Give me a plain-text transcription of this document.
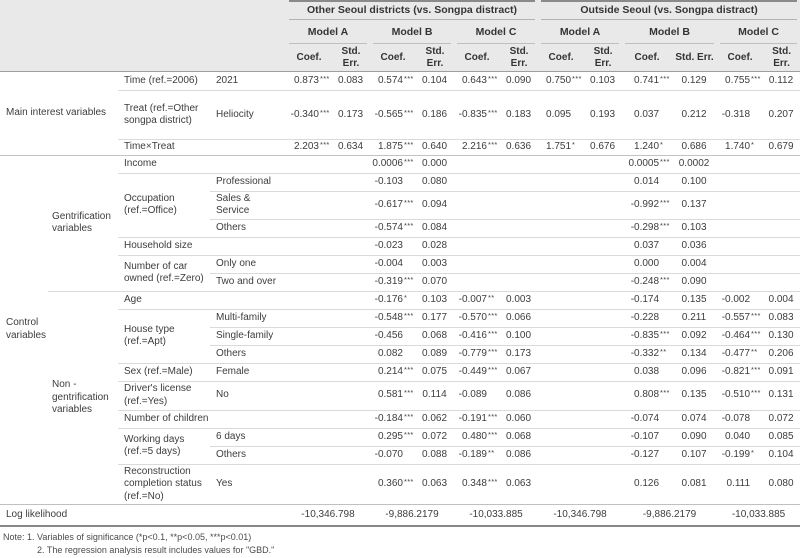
				Other Seoul districts (vs. Songpa distract)						Outside Seoul (vs. Songpa distract)					

				Model A		Model B		Model C		Model A		Model B		Model C	

				Coef.	Std. Err.	Coef.	Std. Err.	Coef.	Std. Err.	Coef.	Std. Err.	Coef.	Std. Err.	Coef.	Std. Err.
Main interest variables		Time (ref.=2006)	2021	0.873 ***	0.083	0.574 ***	0.104	0.643 ***	0.090	0.750 ***	0.103	0.741 ***	0.129	0.755 ***	0.112
		Treat (ref.=Other songpa district)	Heliocity	-0.340 ***	0.173	-0.565 ***	0.186	-0.835 ***	0.183	0.095	0.193	0.037	0.212	-0.318	0.207
		Time×Treat		2.203 ***	0.634	1.875 ***	0.640	2.216 ***	0.636	1.751 *	0.676	1.240 *	0.686	1.740 *	0.679
Control variables	Gentrification variables	Income				0.0006 ***	0.000					0.0005 ***	0.0002	

		Occupation (ref.=Office)	Professional			-0.103	0.080					0.014	0.100	

			Sales & Service			-0.617 ***	0.094					-0.992 ***	0.137	

			Others			-0.574 ***	0.084					-0.298 ***	0.103	

		Household size				-0.023	0.028					0.037	0.036	

		Number of car owned (ref.=Zero)	Only one			-0.004	0.003					0.000	0.004	

			Two and over			-0.319 ***	0.070					-0.248 ***	0.090	

	Non -gentrification variables	Age				-0.176 *	0.103	-0.007 **	0.003			-0.174	0.135	-0.002	0.004
		House type (ref.=Apt)	Multi-family			-0.548 ***	0.177	-0.570 ***	0.066			-0.228	0.211	-0.557 ***	0.083
			Single-family			-0.456	0.068	-0.416 ***	0.100			-0.835 ***	0.092	-0.464 ***	0.130
			Others			0.082	0.089	-0.779 ***	0.173			-0.332 **	0.134	-0.477 **	0.206
		Sex (ref.=Male)	Female			0.214 ***	0.075	-0.449 ***	0.067			0.038	0.096	-0.821 ***	0.091
		Driver's license (ref.=Yes)	No			0.581 ***	0.114	-0.089	0.086			0.808 ***	0.135	-0.510 ***	0.131
		Number of children				-0.184 ***	0.062	-0.191 ***	0.060			-0.074	0.074	-0.078	0.072
		Working days (ref.=5 days)	6 days			0.295 ***	0.072	0.480 ***	0.068			-0.107	0.090	0.040	0.085
			Others			-0.070	0.088	-0.189 **	0.086			-0.127	0.107	-0.199 *	0.104
		Reconstruction completion status (ref.=No)	Yes			0.360 ***	0.063	0.348 ***	0.063			0.126	0.081	0.111	0.080
Log likelihood				-10,346.798		-9,886.2179		-10,033.885		-10,346.798		-9,886.2179		-10,033.885	
Note: 1. Variables of significance (*p<0.1, **p<0.05, ***p<0.01)
2. The regression analysis result includes values for "GBD."
